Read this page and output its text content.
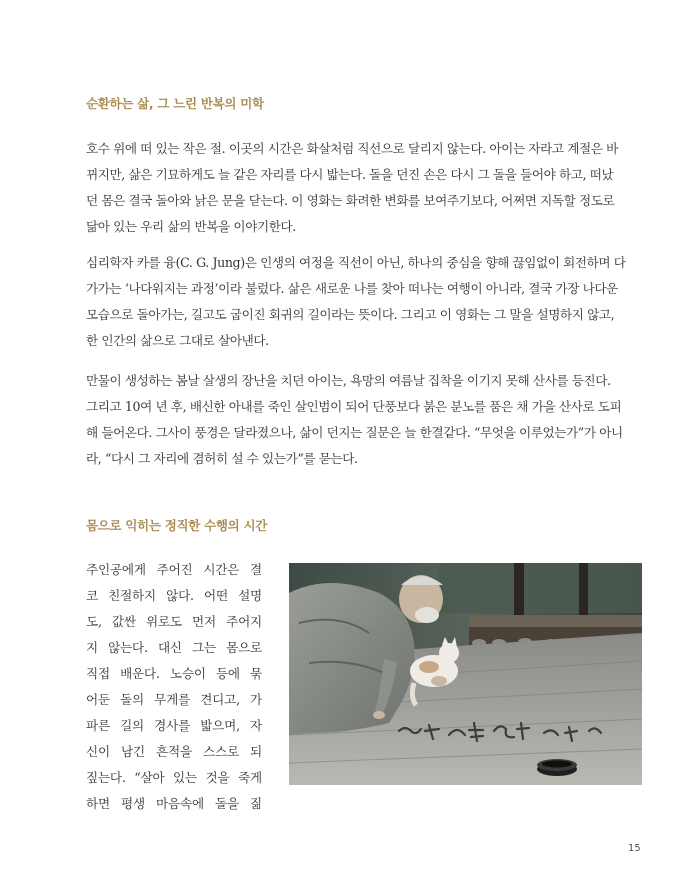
순환하는 삶, 그 느린 반복의 미학
호수 위에 떠 있는 작은 절. 이곳의 시간은 화살처럼 직선으로 달리지 않는다. 아이는 자라고 계절은 바
뀌지만, 삶은 기묘하게도 늘 같은 자리를 다시 밟는다. 돌을 던진 손은 다시 그 돌을 들어야 하고, 떠났
던 몸은 결국 돌아와 낡은 문을 닫는다. 이 영화는 화려한 변화를 보여주기보다, 어쩌면 지독할 정도로
닮아 있는 우리 삶의 반복을 이야기한다.
심리학자 카를 융(C. G. Jung)은 인생의 여정을 직선이 아닌, 하나의 중심을 향해 끊임없이 회전하며 다
가가는 ‘나다워지는 과정’이라 불렀다. 삶은 새로운 나를 찾아 떠나는 여행이 아니라, 결국 가장 나다운
모습으로 돌아가는, 길고도 굽이진 회귀의 길이라는 뜻이다. 그리고 이 영화는 그 말을 설명하지 않고,
한 인간의 삶으로 그대로 살아낸다.
만물이 생성하는 봄날 살생의 장난을 치던 아이는, 욕망의 여름날 집착을 이기지 못해 산사를 등진다.
그리고 10여 년 후, 배신한 아내를 죽인 살인범이 되어 단풍보다 붉은 분노를 품은 채 가을 산사로 도피
해 들어온다. 그사이 풍경은 달라졌으나, 삶이 던지는 질문은 늘 한결같다. “무엇을 이루었는가”가 아니
라, “다시 그 자리에 겸허히 설 수 있는가”를 묻는다.
몸으로 익히는 정직한 수행의 시간
주인공에게 주어진 시간은 결
코 친절하지 않다. 어떤 설명
도, 값싼 위로도 먼저 주어지
지 않는다. 대신 그는 몸으로
직접 배운다. 노승이 등에 묶
어둔 돌의 무게를 견디고, 가
파른 길의 경사를 밟으며, 자
신이 남긴 흔적을 스스로 되
짚는다. “살아 있는 것을 죽게
하면 평생 마음속에 돌을 짊
15
